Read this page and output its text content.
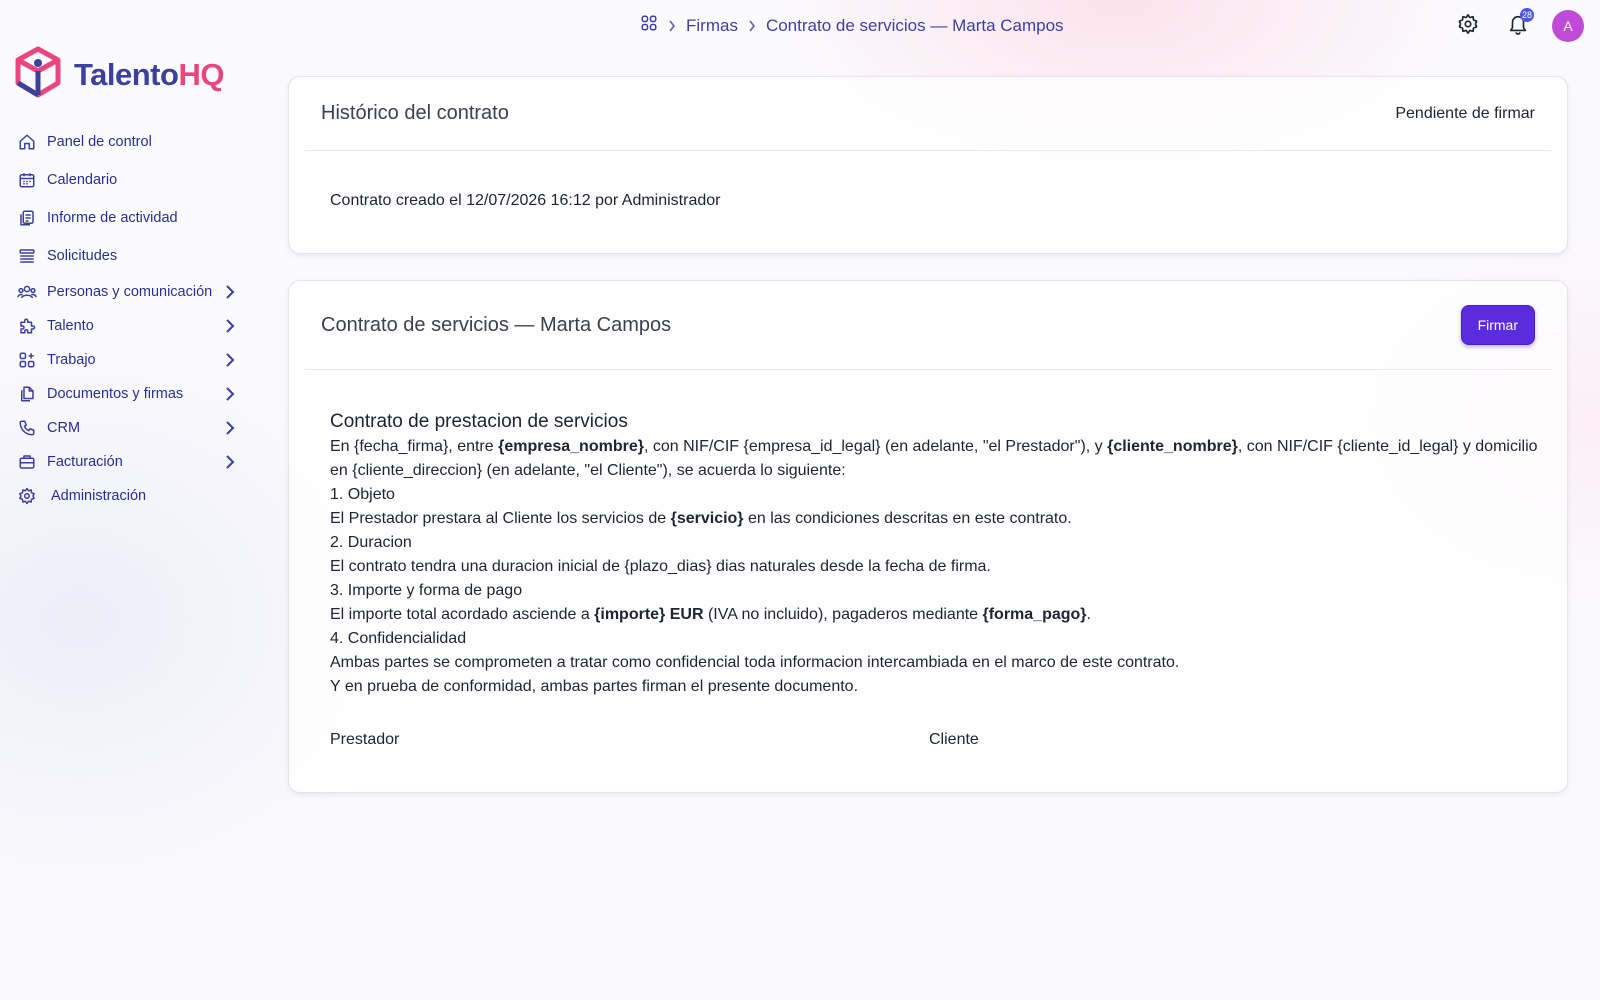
TalentoHQ
Panel de control
Calendario
Informe de actividad
Solicitudes
Personas y comunicación
Talento
Trabajo
Documentos y firmas
CRM
Facturación
Administración
Firmas Contrato de servicios — Marta Campos
28
A
Histórico del contrato	Pendiente de firmar
Contrato creado el 12/07/2026 16:12 por Administrador
Contrato de servicios — Marta Campos	Firmar
Contrato de prestacion de servicios

En {fecha_firma}, entre {empresa_nombre}, con NIF/CIF {empresa_id_legal} (en adelante, "el Prestador"), y {cliente_nombre}, con NIF/CIF {cliente_id_legal} y domicilio en {cliente_direccion} (en adelante, "el Cliente"), se acuerda lo siguiente:

1. Objeto

El Prestador prestara al Cliente los servicios de {servicio} en las condiciones descritas en este contrato.

2. Duracion

El contrato tendra una duracion inicial de {plazo_dias} dias naturales desde la fecha de firma.

3. Importe y forma de pago

El importe total acordado asciende a {importe} EUR (IVA no incluido), pagaderos mediante {forma_pago}.

4. Confidencialidad

Ambas partes se comprometen a tratar como confidencial toda informacion intercambiada en el marco de este contrato.

Y en prueba de conformidad, ambas partes firman el presente documento.

Prestador	Cliente
